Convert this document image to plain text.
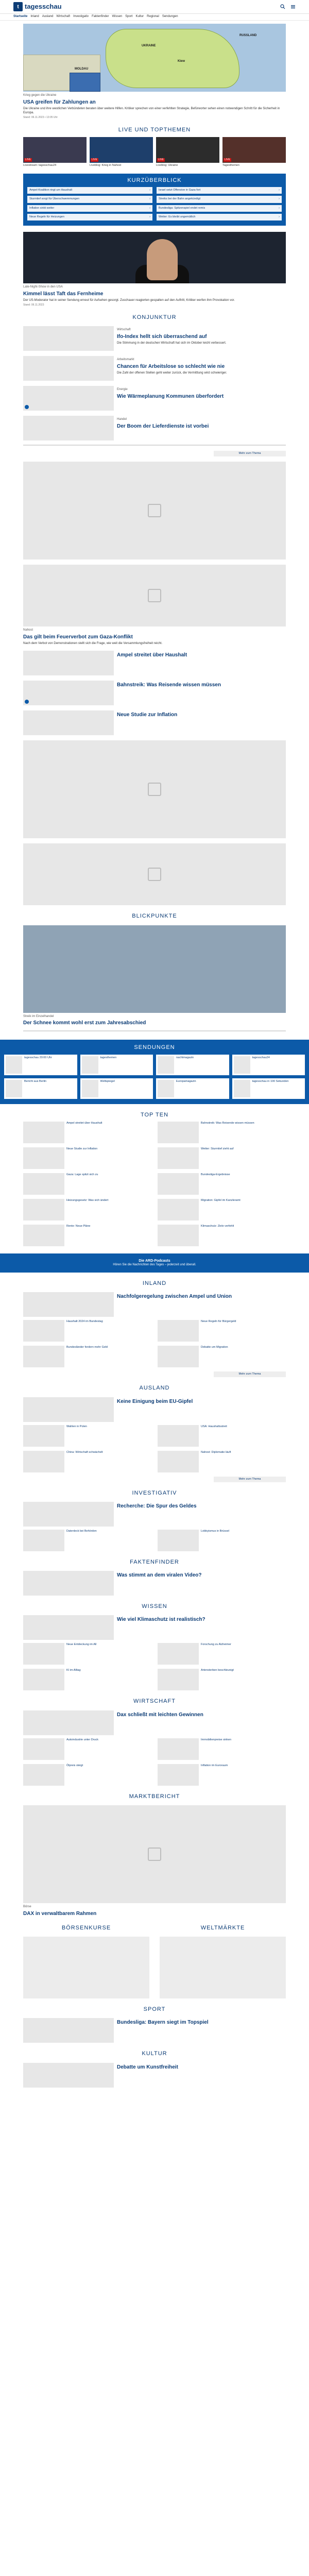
t tagesschau
Startseite Inland Ausland Wirtschaft Investigativ Faktenfinder Wissen Sport Kultur Regional Sendungen
UKRAINE
RUSSLAND
MOLDAU
Kiew
Krieg gegen die Ukraine
USA greifen für Zahlungen an
Die Ukraine und ihre westlichen Verbündeten beraten über weitere Hilfen. Kritiker sprechen von einer verfehlten Strategie, Befürworter sehen einen notwendigen Schritt für die Sicherheit in Europa.
Stand: 06.11.2023 • 13:05 Uhr
LIVE UND TOPTHEMEN
LIVE
Livestream: tagesschau24
LIVE
Liveblog: Krieg in Nahost
LIVE
Liveblog: Ukraine
LIVE
Tagesthemen
KURZÜBERBLICK
Ampel-Koalition ringt um Haushalt	›	Israel setzt Offensive in Gaza fort	›
Sturmtief sorgt für Überschwemmungen	›	Streiks bei der Bahn angekündigt	›
Inflation sinkt weiter	›	Bundesliga: Spitzenspiel endet remis	›
Neue Regeln für Heizungen	›	Wetter: Es bleibt ungemütlich	›
Late-Night-Show in den USA
Kimmel lässt Taft das Fernheime
Der US-Moderator hat in seiner Sendung erneut für Aufsehen gesorgt. Zuschauer reagierten gespalten auf den Auftritt, Kritiker werfen ihm Provokation vor.
Stand: 06.11.2023
KONJUNKTUR
Wirtschaft
Ifo-Index hellt sich überraschend auf
Die Stimmung in der deutschen Wirtschaft hat sich im Oktober leicht verbessert.
Arbeitsmarkt
Chancen für Arbeitslose so schlecht wie nie
Die Zahl der offenen Stellen geht weiter zurück, die Vermittlung wird schwieriger.
Energie
Wie Wärmeplanung Kommunen überfordert
Handel
Der Boom der Lieferdienste ist vorbei
Mehr zum Thema
Nahost
Das gilt beim Feuerverbot zum Gaza-Konflikt
Nach dem Verbot von Demonstrationen stellt sich die Frage, wie weit die Versammlungsfreiheit reicht.
Ampel streitet über Haushalt
Bahnstreik: Was Reisende wissen müssen
Neue Studie zur Inflation
BLICKPUNKTE
Streik im Einzelhandel
Der Schnee kommt wohl erst zum Jahresabschied
SENDUNGEN
tagesschau 20:00 Uhr	tagesthemen	nachtmagazin	tagesschau24
Bericht aus Berlin	Weltspiegel	Europamagazin	tagesschau in 100 Sekunden
TOP TEN
Ampel streitet über Haushalt	Bahnstreik: Was Reisende wissen müssen
Neue Studie zur Inflation	Wetter: Sturmtief zieht auf
Gaza: Lage spitzt sich zu	Bundesliga-Ergebnisse
Heizungsgesetz: Was sich ändert	Migration: Gipfel im Kanzleramt
Rente: Neue Pläne	Klimaschutz: Ziele verfehlt
Die ARD-Podcasts
Hören Sie die Nachrichten des Tages – jederzeit und überall.
INLAND
Nachfolgeregelung zwischen Ampel und Union
Haushalt 2024 im Bundestag	Neue Regeln für Bürgergeld
Bundesländer fordern mehr Geld	Debatte um Migration
Mehr zum Thema
AUSLAND
Keine Einigung beim EU-Gipfel
Wahlen in Polen	USA: Haushaltsstreit
China: Wirtschaft schwächelt	Nahost: Diplomatie läuft
Mehr zum Thema
INVESTIGATIV
Recherche: Die Spur des Geldes
Datenleck bei Behörden	Lobbyismus in Brüssel
FAKTENFINDER
Was stimmt an dem viralen Video?
WISSEN
Wie viel Klimaschutz ist realistisch?
Neue Entdeckung im All	Forschung zu Alzheimer
KI im Alltag	Artensterben beschleunigt
WIRTSCHAFT
Dax schließt mit leichten Gewinnen
Autoindustrie unter Druck	Immobilienpreise sinken
Ölpreis steigt	Inflation im Euroraum
MARKTBERICHT
Börse
DAX in verwaltbarem Rahmen
BÖRSENKURSE	WELTMÄRKTE
SPORT
Bundesliga: Bayern siegt im Topspiel
KULTUR
Debatte um Kunstfreiheit
